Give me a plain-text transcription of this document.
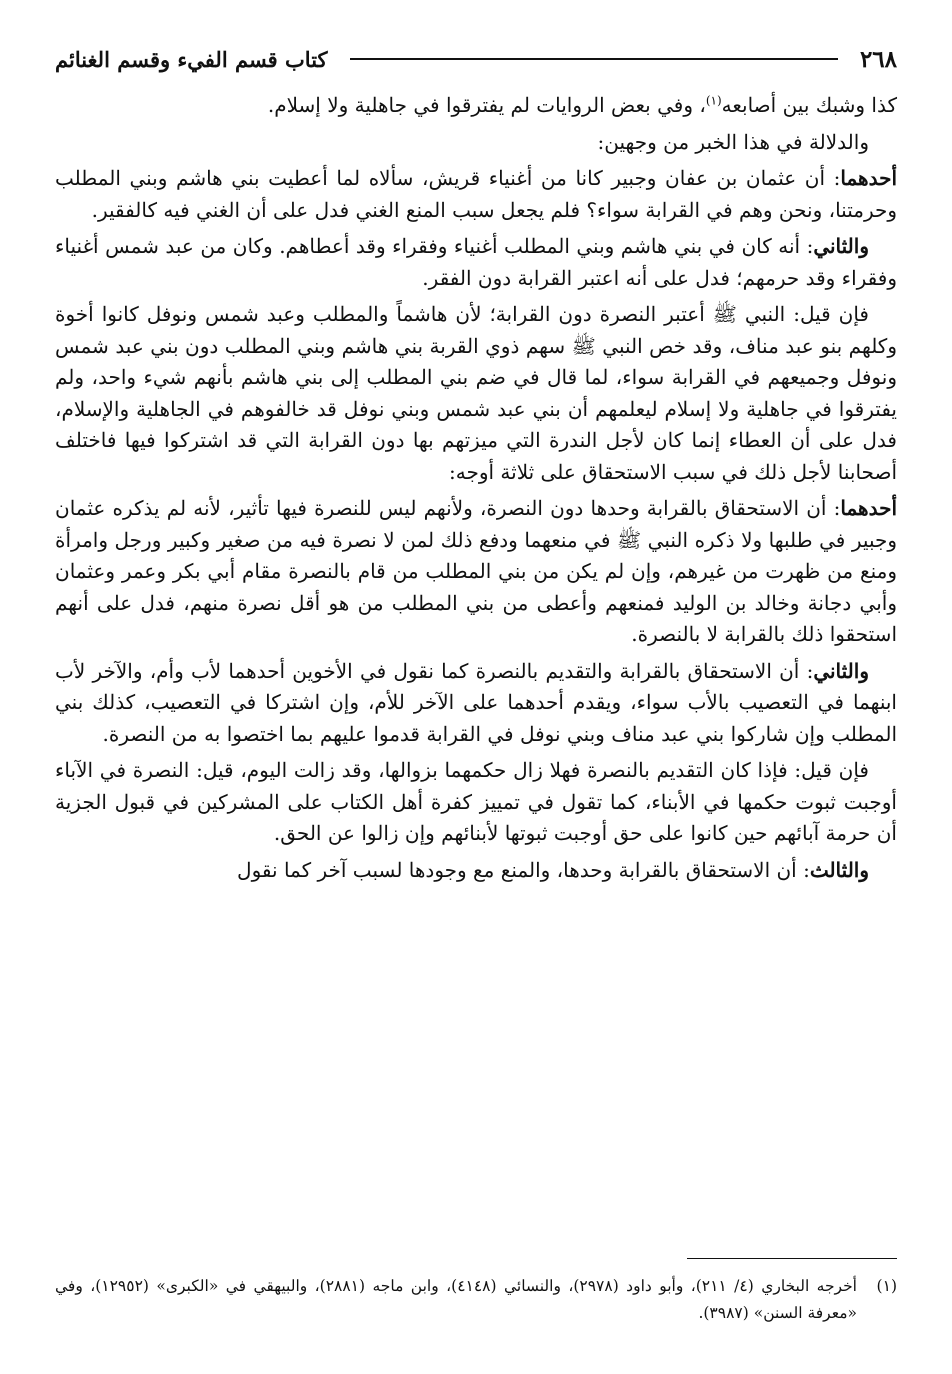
٢٦٨
كتاب قسم الفيء وقسم الغنائم

كذا وشبك بين أصابعه$^{(١)}$، وفي بعض الروايات لم يفترقوا في جاهلية ولا إسلام.

والدلالة في هذا الخبر من وجهين:

أحدهما: أن عثمان بن عفان وجبير كانا من أغنياء قريش، سألاه لما أعطيت بني هاشم وبني المطلب وحرمتنا، ونحن وهم في القرابة سواء؟ فلم يجعل سبب المنع الغني فدل على أن الغني فيه كالفقير.

والثاني: أنه كان في بني هاشم وبني المطلب أغنياء وفقراء وقد أعطاهم. وكان من عبد شمس أغنياء وفقراء وقد حرمهم؛ فدل على أنه اعتبر القرابة دون الفقر.

فإن قيل: النبي ﷺ أعتبر النصرة دون القرابة؛ لأن هاشماً والمطلب وعبد شمس ونوفل كانوا أخوة وكلهم بنو عبد مناف، وقد خص النبي ﷺ سهم ذوي القربة بني هاشم وبني المطلب دون بني عبد شمس ونوفل وجميعهم في القرابة سواء، لما قال في ضم بني المطلب إلى بني هاشم بأنهم شيء واحد، ولم يفترقوا في جاهلية ولا إسلام ليعلمهم أن بني عبد شمس وبني نوفل قد خالفوهم في الجاهلية والإسلام، فدل على أن العطاء إنما كان لأجل الندرة التي ميزتهم بها دون القرابة التي قد اشتركوا فيها فاختلف أصحابنا لأجل ذلك في سبب الاستحقاق على ثلاثة أوجه:

أحدهما: أن الاستحقاق بالقرابة وحدها دون النصرة، ولأنهم ليس للنصرة فيها تأثير، لأنه لم يذكره عثمان وجبير في طلبها ولا ذكره النبي ﷺ في منعهما ودفع ذلك لمن لا نصرة فيه من صغير وكبير ورجل وامرأة ومنع من ظهرت من غيرهم، وإن لم يكن من بني المطلب من قام بالنصرة مقام أبي بكر وعمر وعثمان وأبي دجانة وخالد بن الوليد فمنعهم وأعطى من بني المطلب من هو أقل نصرة منهم، فدل على أنهم استحقوا ذلك بالقرابة لا بالنصرة.

والثاني: أن الاستحقاق بالقرابة والتقديم بالنصرة كما نقول في الأخوين أحدهما لأب وأم، والآخر لأب ابنهما في التعصيب بالأب سواء، ويقدم أحدهما على الآخر للأم، وإن اشتركا في التعصيب، كذلك بني المطلب وإن شاركوا بني عبد مناف وبني نوفل في القرابة قدموا عليهم بما اختصوا به من النصرة.

فإن قيل: فإذا كان التقديم بالنصرة فهلا زال حكمهما بزوالها، وقد زالت اليوم، قيل: النصرة في الآباء أوجبت ثبوت حكمها في الأبناء، كما تقول في تمييز كفرة أهل الكتاب على المشركين في قبول الجزية أن حرمة آبائهم حين كانوا على حق أوجبت ثبوتها لأبنائهم وإن زالوا عن الحق.

والثالث: أن الاستحقاق بالقرابة وحدها، والمنع مع وجودها لسبب آخر كما نقول

(١)
أخرجه البخاري (٤/ ٢١١)، وأبو داود (٢٩٧٨)، والنسائي (٤١٤٨)، وابن ماجه (٢٨٨١)، والبيهقي في «الكبرى» (١٢٩٥٢)، وفي «معرفة السنن» (٣٩٨٧).
